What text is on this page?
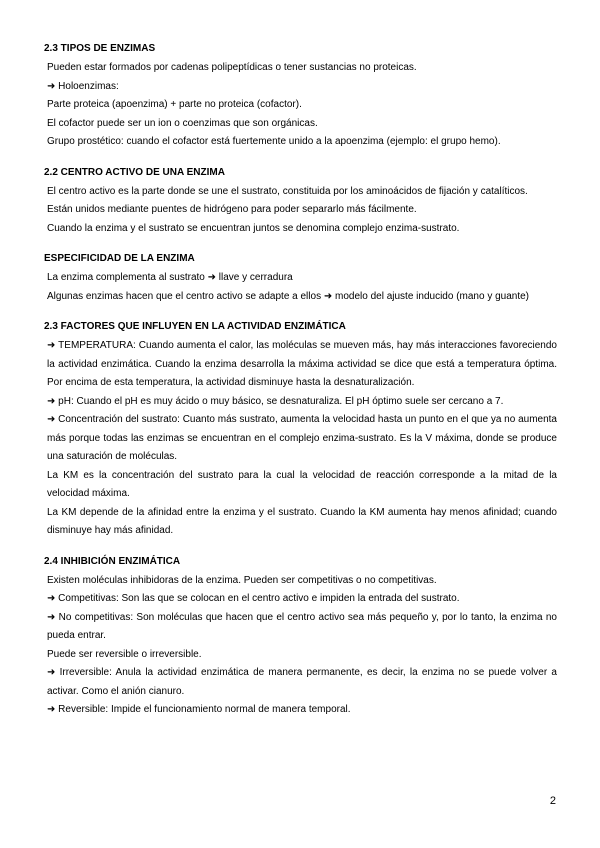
2.3 TIPOS DE ENZIMAS
Pueden estar formados por cadenas polipeptídicas o tener sustancias no proteicas.
➜ Holoenzimas:
Parte proteica (apoenzima) + parte no proteica (cofactor).
El cofactor puede ser un ion o coenzimas que son orgánicas.
Grupo prostético: cuando el cofactor está fuertemente unido a la apoenzima (ejemplo: el grupo hemo).
2.2 CENTRO ACTIVO DE UNA ENZIMA
El centro activo es la parte donde se une el sustrato, constituida por los aminoácidos de fijación y catalíticos.
Están unidos mediante puentes de hidrógeno para poder separarlo más fácilmente.
Cuando la enzima y el sustrato se encuentran juntos se denomina complejo enzima-sustrato.
ESPECIFICIDAD DE LA ENZIMA
La enzima complementa al sustrato ➜ llave y cerradura
Algunas enzimas hacen que el centro activo se adapte a ellos ➜ modelo del ajuste inducido (mano y guante)
2.3 FACTORES QUE INFLUYEN EN LA ACTIVIDAD ENZIMÁTICA
➜ TEMPERATURA: Cuando aumenta el calor, las moléculas se mueven más, hay más interacciones favoreciendo la actividad enzimática. Cuando la enzima desarrolla la máxima actividad se dice que está a temperatura óptima. Por encima de esta temperatura, la actividad disminuye hasta la desnaturalización.
➜ pH: Cuando el pH es muy ácido o muy básico, se desnaturaliza. El pH óptimo suele ser cercano a 7.
➜ Concentración del sustrato: Cuanto más sustrato, aumenta la velocidad hasta un punto en el que ya no aumenta más porque todas las enzimas se encuentran en el complejo enzima-sustrato. Es la V máxima, donde se produce una saturación de moléculas.
La KM es la concentración del sustrato para la cual la velocidad de reacción corresponde a la mitad de la velocidad máxima.
La KM depende de la afinidad entre la enzima y el sustrato. Cuando la KM aumenta hay menos afinidad; cuando disminuye hay más afinidad.
2.4 INHIBICIÓN ENZIMÁTICA
Existen moléculas inhibidoras de la enzima. Pueden ser competitivas o no competitivas.
➜ Competitivas: Son las que se colocan en el centro activo e impiden la entrada del sustrato.
➜ No competitivas: Son moléculas que hacen que el centro activo sea más pequeño y, por lo tanto, la enzima no pueda entrar.
Puede ser reversible o irreversible.
➜ Irreversible: Anula la actividad enzimática de manera permanente, es decir, la enzima no se puede volver a activar. Como el anión cianuro.
➜ Reversible: Impide el funcionamiento normal de manera temporal.
2
